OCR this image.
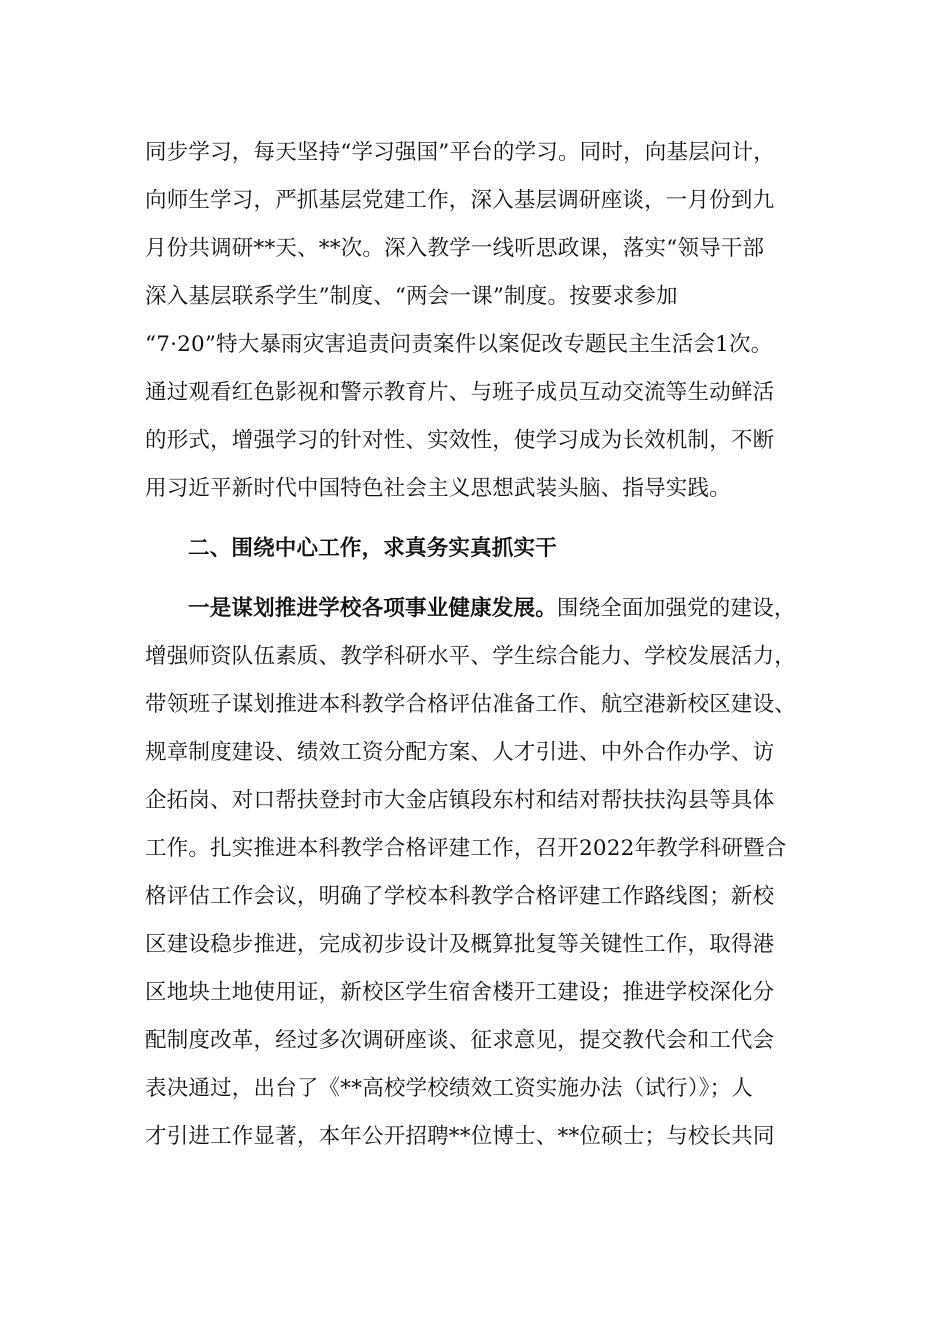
同步学习，每天坚持“学习强国”平台的学习。同时，向基层问计，
向师生学习，严抓基层党建工作，深入基层调研座谈，一月份到九
月份共调研**天、**次。深入教学一线听思政课，落实“领导干部
深入基层联系学生”制度、“两会一课”制度。按要求参加
“7·20”特大暴雨灾害追责问责案件以案促改专题民主生活会1次。
通过观看红色影视和警示教育片、与班子成员互动交流等生动鲜活
的形式，增强学习的针对性、实效性，使学习成为长效机制，不断
用习近平新时代中国特色社会主义思想武装头脑、指导实践。
二、围绕中心工作，求真务实真抓实干
一是谋划推进学校各项事业健康发展。围绕全面加强党的建设，
增强师资队伍素质、教学科研水平、学生综合能力、学校发展活力，
带领班子谋划推进本科教学合格评估准备工作、航空港新校区建设、
规章制度建设、绩效工资分配方案、人才引进、中外合作办学、访
企拓岗、对口帮扶登封市大金店镇段东村和结对帮扶扶沟县等具体
工作。扎实推进本科教学合格评建工作，召开2022年教学科研暨合
格评估工作会议，明确了学校本科教学合格评建工作路线图；新校
区建设稳步推进，完成初步设计及概算批复等关键性工作，取得港
区地块土地使用证，新校区学生宿舍楼开工建设；推进学校深化分
配制度改革，经过多次调研座谈、征求意见，提交教代会和工代会
表决通过，出台了《**高校学校绩效工资实施办法（试行）》；人
才引进工作显著，本年公开招聘**位博士、**位硕士；与校长共同
